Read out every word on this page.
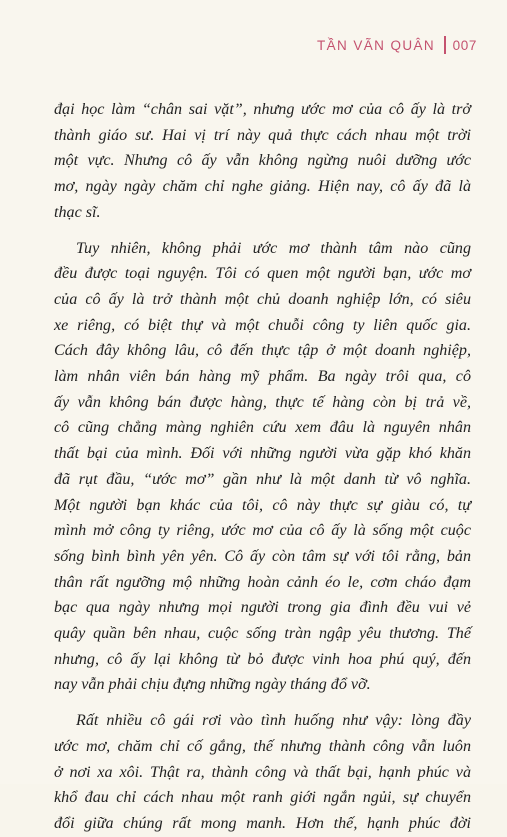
TẦN VÃN QUÂN 007

đại học làm “chân sai vặt”, nhưng ước mơ của cô ấy là trở
thành giáo sư. Hai vị trí này quả thực cách nhau một trời
một vực. Nhưng cô ấy vẫn không ngừng nuôi dưỡng ước
mơ, ngày ngày chăm chỉ nghe giảng. Hiện nay, cô ấy đã là
thạc sĩ.

Tuy nhiên, không phải ước mơ thành tâm nào cũng
đều được toại nguyện. Tôi có quen một người bạn, ước mơ
của cô ấy là trở thành một chủ doanh nghiệp lớn, có siêu
xe riêng, có biệt thự và một chuỗi công ty liên quốc gia.
Cách đây không lâu, cô đến thực tập ở một doanh nghiệp,
làm nhân viên bán hàng mỹ phẩm. Ba ngày trôi qua, cô
ấy vẫn không bán được hàng, thực tế hàng còn bị trả về,
cô cũng chẳng màng nghiên cứu xem đâu là nguyên nhân
thất bại của mình. Đối với những người vừa gặp khó khăn
đã rụt đầu, “ước mơ” gần như là một danh từ vô nghĩa.
Một người bạn khác của tôi, cô này thực sự giàu có, tự
mình mở công ty riêng, ước mơ của cô ấy là sống một cuộc
sống bình bình yên yên. Cô ấy còn tâm sự với tôi rằng, bản
thân rất ngưỡng mộ những hoàn cảnh éo le, cơm cháo đạm
bạc qua ngày nhưng mọi người trong gia đình đều vui vẻ
quây quần bên nhau, cuộc sống tràn ngập yêu thương. Thế
nhưng, cô ấy lại không từ bỏ được vinh hoa phú quý, đến
nay vẫn phải chịu đựng những ngày tháng đổ vỡ.

Rất nhiều cô gái rơi vào tình huống như vậy: lòng đầy
ước mơ, chăm chỉ cố gắng, thế nhưng thành công vẫn luôn
ở nơi xa xôi. Thật ra, thành công và thất bại, hạnh phúc và
khổ đau chỉ cách nhau một ranh giới ngắn ngủi, sự chuyển
đổi giữa chúng rất mong manh. Hơn thế, hạnh phúc đời
